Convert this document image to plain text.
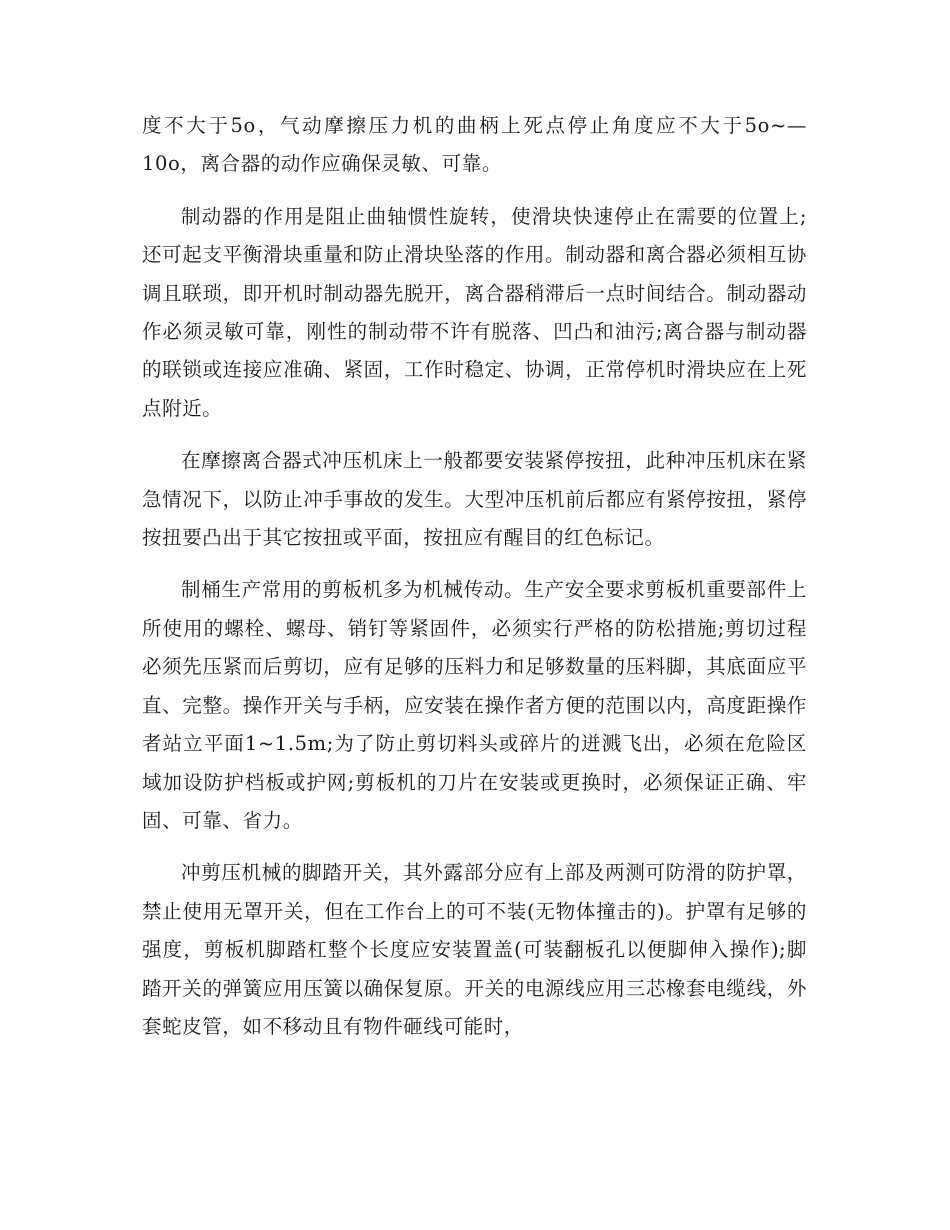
度不大于5o，气动摩擦压力机的曲柄上死点停止角度应不大于5o~—10o，离合器的动作应确保灵敏、可靠。

制动器的作用是阻止曲轴惯性旋转，使滑块快速停止在需要的位置上;还可起支平衡滑块重量和防止滑块坠落的作用。制动器和离合器必须相互协调且联琐，即开机时制动器先脱开，离合器稍滞后一点时间结合。制动器动作必须灵敏可靠，刚性的制动带不许有脱落、凹凸和油污;离合器与制动器的联锁或连接应准确、紧固，工作时稳定、协调，正常停机时滑块应在上死点附近。

在摩擦离合器式冲压机床上一般都要安装紧停按扭，此种冲压机床在紧急情况下，以防止冲手事故的发生。大型冲压机前后都应有紧停按扭，紧停按扭要凸出于其它按扭或平面，按扭应有醒目的红色标记。

制桶生产常用的剪板机多为机械传动。生产安全要求剪板机重要部件上所使用的螺栓、螺母、销钉等紧固件，必须实行严格的防松措施;剪切过程必须先压紧而后剪切，应有足够的压料力和足够数量的压料脚，其底面应平直、完整。操作开关与手柄，应安装在操作者方便的范围以内，高度距操作者站立平面1~1.5m;为了防止剪切料头或碎片的迸溅飞出，必须在危险区域加设防护档板或护网;剪板机的刀片在安装或更换时，必须保证正确、牢固、可靠、省力。

冲剪压机械的脚踏开关，其外露部分应有上部及两测可防滑的防护罩，禁止使用无罩开关，但在工作台上的可不装(无物体撞击的)。护罩有足够的强度，剪板机脚踏杠整个长度应安装置盖(可装翻板孔以便脚伸入操作);脚踏开关的弹簧应用压簧以确保复原。开关的电源线应用三芯橡套电缆线，外套蛇皮管，如不移动且有物件砸线可能时，
